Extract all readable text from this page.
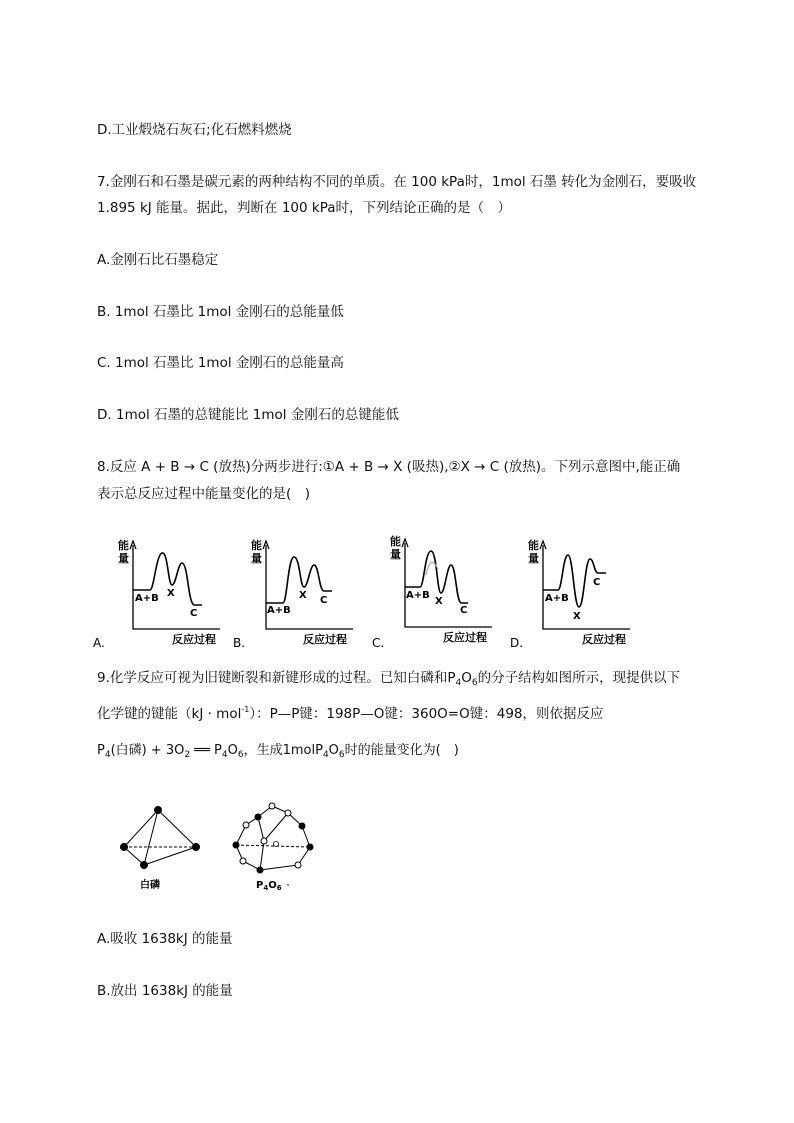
D.工业煅烧石灰石;化石燃料燃烧
7.金刚石和石墨是碳元素的两种结构不同的单质。在 100 kPa时，1mol 石墨 转化为金刚石，要吸收
1.895 kJ 能量。据此，判断在 100 kPa时，下列结论正确的是（　）
A.金刚石比石墨稳定
B. 1mol 石墨比 1mol 金刚石的总能量低
C. 1mol 石墨比 1mol 金刚石的总能量高
D. 1mol 石墨的总键能比 1mol 金刚石的总键能低
8.反应 A + B → C (放热)分两步进行:①A + B → X (吸热),②X → C (放热)。下列示意图中,能正确
表示总反应过程中能量变化的是(　)
A.
能
量
A+B X
C
反应过程 B.
能
量
A+B
X C
反应过程 C.
能
量
A+B
X
C
反应过程 D.
能
量
A+B
X
C
反应过程
9.化学反应可视为旧键断裂和新键形成的过程。已知白磷和$P_4O_6$的分子结构如图所示，现提供以下
化学键的键能（kJ · mol$^{-1}$）：P—P键：198P—O键：360O=O键：498，则依据反应
$P_4$(白磷) + $3O_2$ ══ $P_4O_6$，生成$1molP_4O_6$时的能量变化为(　)
白磷	$P_4O_6$
A.吸收 1638kJ 的能量
B.放出 1638kJ 的能量
